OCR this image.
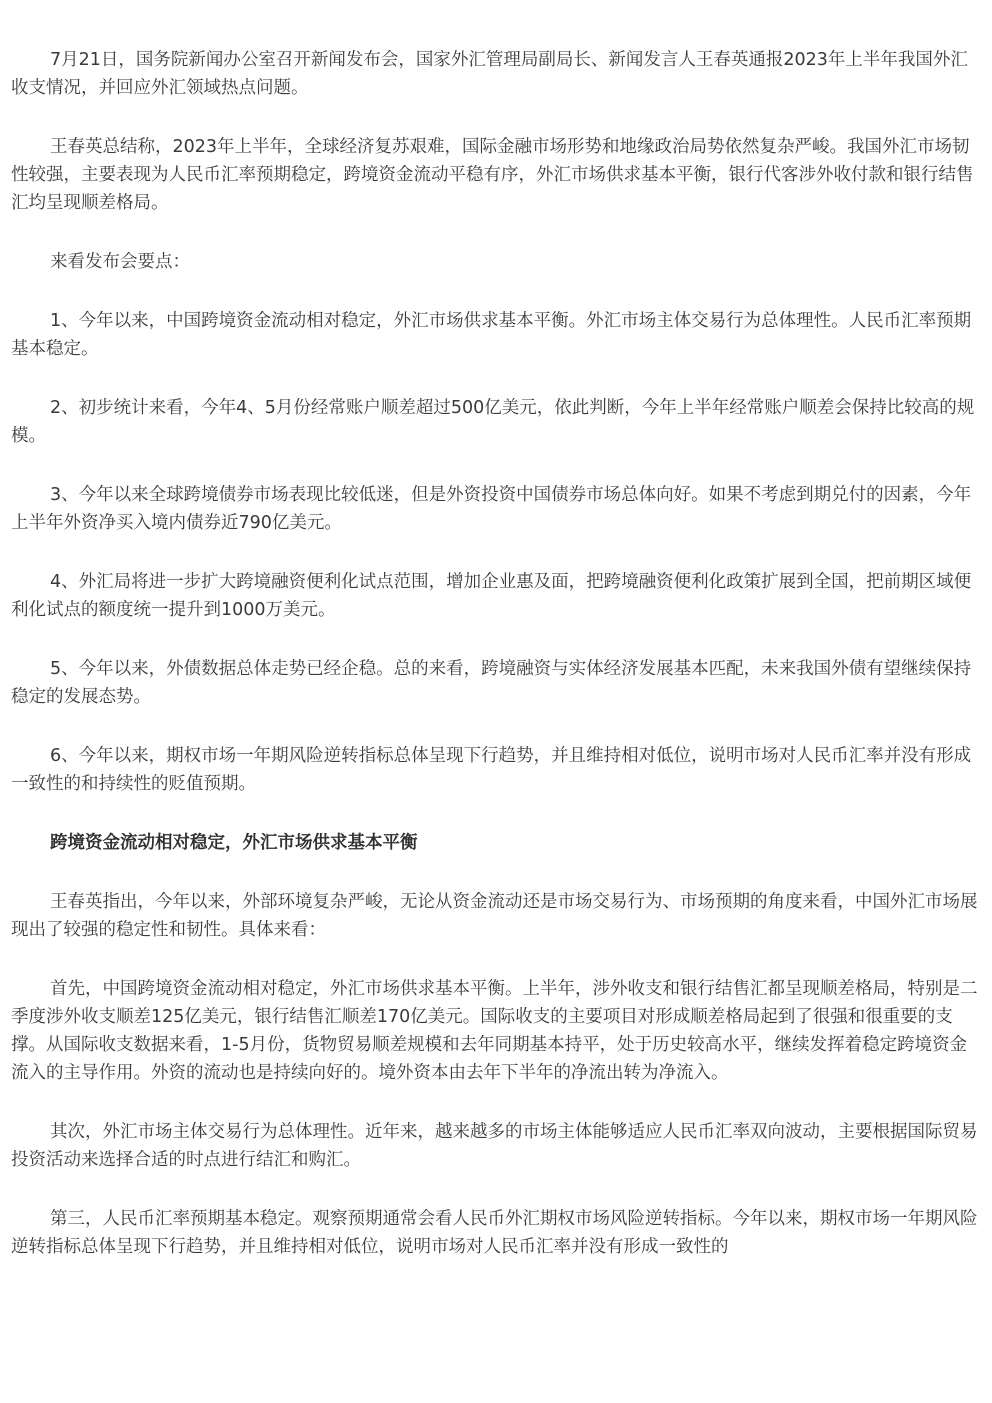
7月21日，国务院新闻办公室召开新闻发布会，国家外汇管理局副局长、新闻发言人王春英通报2023年上半年我国外汇收支情况，并回应外汇领域热点问题。

王春英总结称，2023年上半年，全球经济复苏艰难，国际金融市场形势和地缘政治局势依然复杂严峻。我国外汇市场韧性较强，主要表现为人民币汇率预期稳定，跨境资金流动平稳有序，外汇市场供求基本平衡，银行代客涉外收付款和银行结售汇均呈现顺差格局。

来看发布会要点：

1、今年以来，中国跨境资金流动相对稳定，外汇市场供求基本平衡。外汇市场主体交易行为总体理性。人民币汇率预期基本稳定。

2、初步统计来看，今年4、5月份经常账户顺差超过500亿美元，依此判断，今年上半年经常账户顺差会保持比较高的规模。

3、今年以来全球跨境债券市场表现比较低迷，但是外资投资中国债券市场总体向好。如果不考虑到期兑付的因素，今年上半年外资净买入境内债券近790亿美元。

4、外汇局将进一步扩大跨境融资便利化试点范围，增加企业惠及面，把跨境融资便利化政策扩展到全国，把前期区域便利化试点的额度统一提升到1000万美元。

5、今年以来，外债数据总体走势已经企稳。总的来看，跨境融资与实体经济发展基本匹配，未来我国外债有望继续保持稳定的发展态势。

6、今年以来，期权市场一年期风险逆转指标总体呈现下行趋势，并且维持相对低位，说明市场对人民币汇率并没有形成一致性的和持续性的贬值预期。

跨境资金流动相对稳定，外汇市场供求基本平衡

王春英指出，今年以来，外部环境复杂严峻，无论从资金流动还是市场交易行为、市场预期的角度来看，中国外汇市场展现出了较强的稳定性和韧性。具体来看：

首先，中国跨境资金流动相对稳定，外汇市场供求基本平衡。上半年，涉外收支和银行结售汇都呈现顺差格局，特别是二季度涉外收支顺差125亿美元，银行结售汇顺差170亿美元。国际收支的主要项目对形成顺差格局起到了很强和很重要的支撑。从国际收支数据来看，1-5月份，货物贸易顺差规模和去年同期基本持平，处于历史较高水平，继续发挥着稳定跨境资金流入的主导作用。外资的流动也是持续向好的。境外资本由去年下半年的净流出转为净流入。

其次，外汇市场主体交易行为总体理性。近年来，越来越多的市场主体能够适应人民币汇率双向波动，主要根据国际贸易投资活动来选择合适的时点进行结汇和购汇。

第三，人民币汇率预期基本稳定。观察预期通常会看人民币外汇期权市场风险逆转指标。今年以来，期权市场一年期风险逆转指标总体呈现下行趋势，并且维持相对低位，说明市场对人民币汇率并没有形成一致性的
